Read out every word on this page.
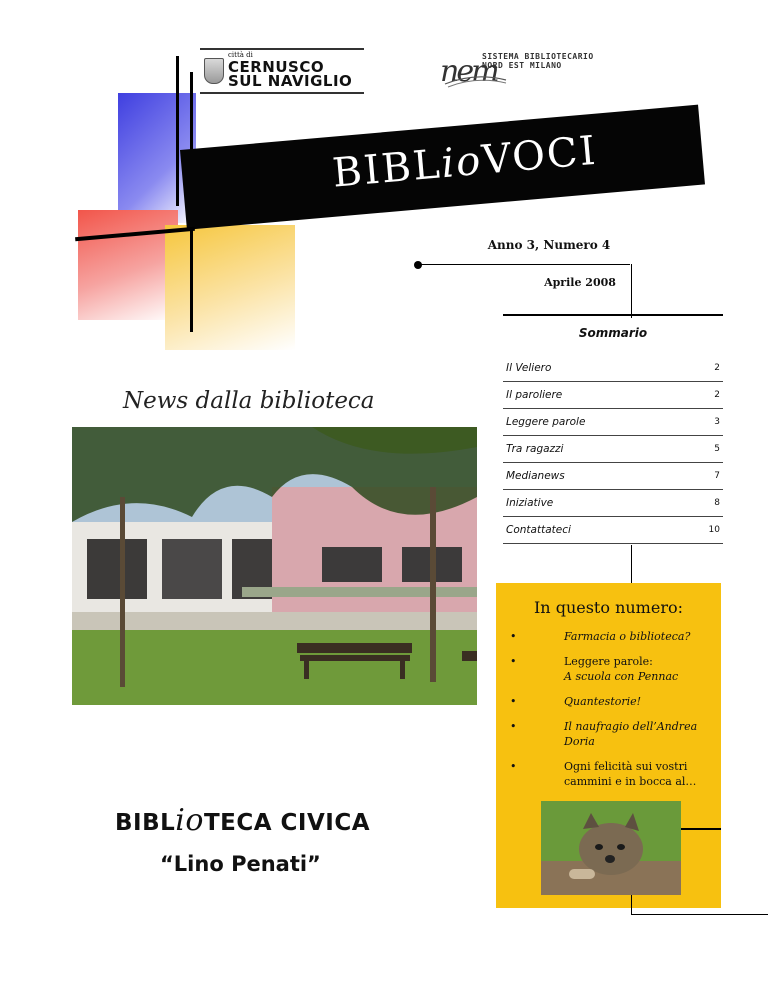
città di
CERNUSCO
SUL NAVIGLIO	nem
SISTEMA BIBLIOTECARIO
NORD EST MILANO
BIBLioVOCI
Anno 3, Numero 4
Aprile 2008
Sommario
Il Veliero	2
Il paroliere	2
Leggere parole	3
Tra ragazzi	5
Medianews	7
Iniziative	8
Contattateci	10
News dalla biblioteca
In questo numero:
•	Farmacia o biblioteca?
•	Leggere parole:
A scuola con Pennac
•	Quantestorie!
•	Il naufragio dell’Andrea
Doria
•	Ogni felicità sui vostri
cammini e in bocca al…
BIBLioTECA CIVICA
“Lino Penati”
